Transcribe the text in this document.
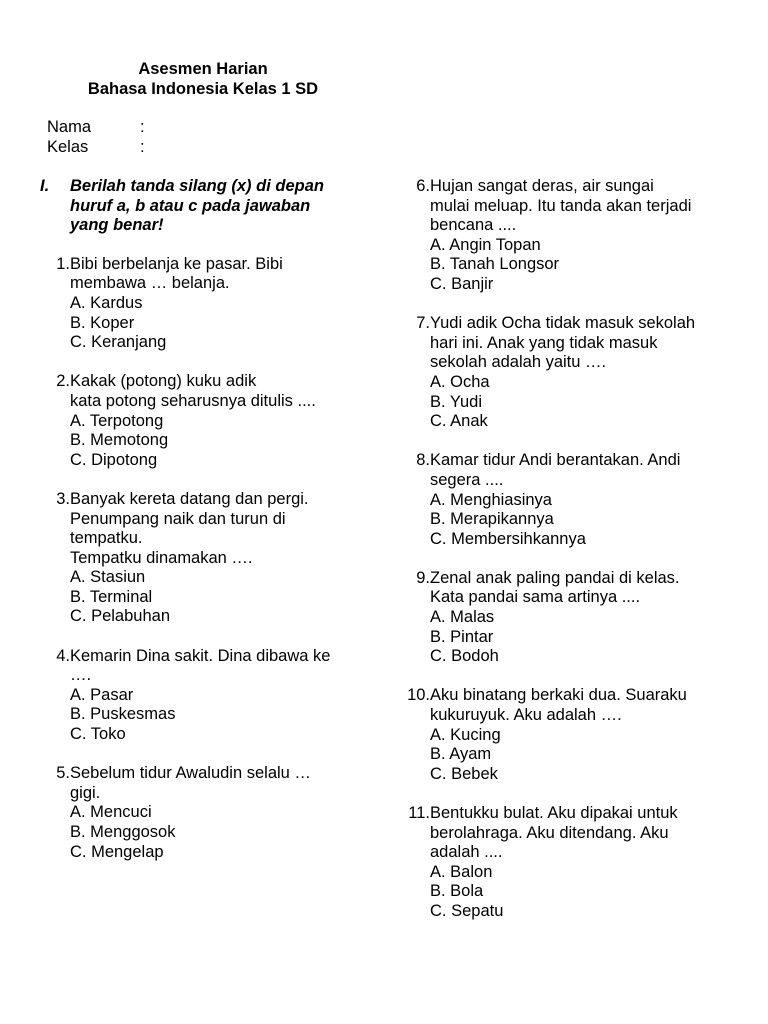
Asesmen Harian
Bahasa Indonesia Kelas 1 SD
Nama	:
Kelas	:
I.	Berilah tanda silang (x) di depan
huruf a, b atau c pada jawaban
yang benar!
1. Bibi berbelanja ke pasar. Bibi
membawa … belanja.
A. Kardus
B. Koper
C. Keranjang
2. Kakak (potong) kuku adik
kata potong seharusnya ditulis ....
A. Terpotong
B. Memotong
C. Dipotong
3. Banyak kereta datang dan pergi.
Penumpang naik dan turun di
tempatku.
Tempatku dinamakan ….
A. Stasiun
B. Terminal
C. Pelabuhan
4. Kemarin Dina sakit. Dina dibawa ke
….
A. Pasar
B. Puskesmas
C. Toko
5. Sebelum tidur Awaludin selalu …
gigi.
A. Mencuci
B. Menggosok
C. Mengelap
6. Hujan sangat deras, air sungai
mulai meluap. Itu tanda akan terjadi
bencana ....
A. Angin Topan
B. Tanah Longsor
C. Banjir
7. Yudi adik Ocha tidak masuk sekolah
hari ini. Anak yang tidak masuk
sekolah adalah yaitu ….
A. Ocha
B. Yudi
C. Anak
8. Kamar tidur Andi berantakan. Andi
segera ....
A. Menghiasinya
B. Merapikannya
C. Membersihkannya
9. Zenal anak paling pandai di kelas.
Kata pandai sama artinya ....
A. Malas
B. Pintar
C. Bodoh
10. Aku binatang berkaki dua. Suaraku
kukuruyuk. Aku adalah ….
A. Kucing
B. Ayam
C. Bebek
11. Bentukku bulat. Aku dipakai untuk
berolahraga. Aku ditendang. Aku
adalah ....
A. Balon
B. Bola
C. Sepatu
